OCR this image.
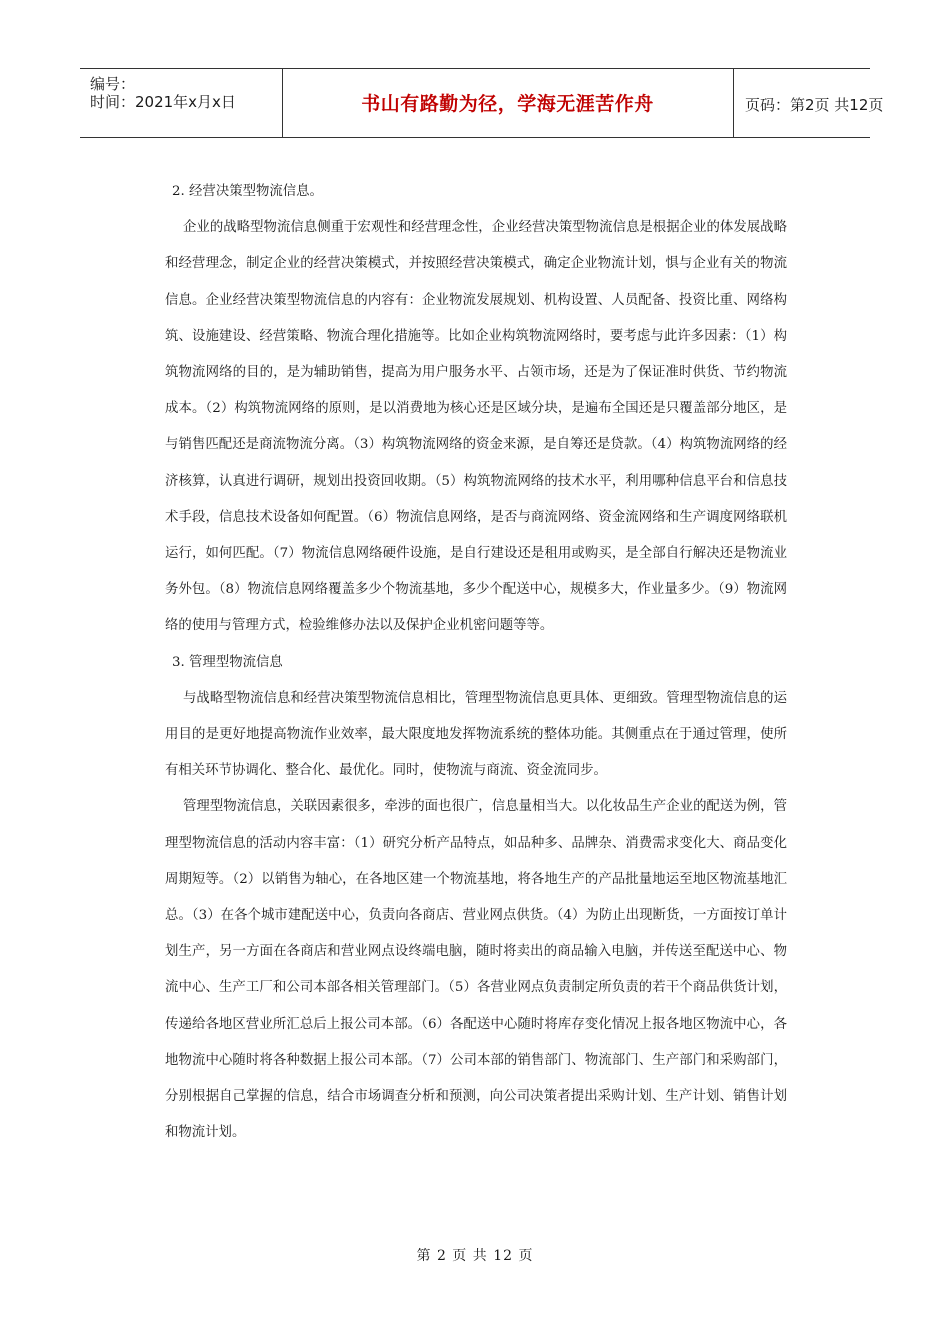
编号：
时间：2021年x月x日	书山有路勤为径，学海无涯苦作舟	页码：第2页 共12页

2. 经营决策型物流信息。

企业的战略型物流信息侧重于宏观性和经营理念性，企业经营决策型物流信息是根据企业的体发展战略和经营理念，制定企业的经营决策模式，并按照经营决策模式，确定企业物流计划，惧与企业有关的物流信息。企业经营决策型物流信息的内容有：企业物流发展规划、机构设置、人员配备、投资比重、网络构筑、设施建设、经营策略、物流合理化措施等。比如企业构筑物流网络时，要考虑与此许多因素：（1）构筑物流网络的目的，是为辅助销售，提高为用户服务水平、占领市场，还是为了保证准时供货、节约物流成本。（2）构筑物流网络的原则，是以消费地为核心还是区域分块，是遍布全国还是只覆盖部分地区，是与销售匹配还是商流物流分离。（3）构筑物流网络的资金来源，是自筹还是贷款。（4）构筑物流网络的经济核算，认真进行调研，规划出投资回收期。（5）构筑物流网络的技术水平，利用哪种信息平台和信息技术手段，信息技术设备如何配置。（6）物流信息网络，是否与商流网络、资金流网络和生产调度网络联机运行，如何匹配。（7）物流信息网络硬件设施，是自行建设还是租用或购买，是全部自行解决还是物流业务外包。（8）物流信息网络覆盖多少个物流基地，多少个配送中心，规模多大，作业量多少。（9）物流网络的使用与管理方式，检验维修办法以及保护企业机密问题等等。

3. 管理型物流信息

与战略型物流信息和经营决策型物流信息相比，管理型物流信息更具体、更细致。管理型物流信息的运用目的是更好地提高物流作业效率，最大限度地发挥物流系统的整体功能。其侧重点在于通过管理，使所有相关环节协调化、整合化、最优化。同时，使物流与商流、资金流同步。

管理型物流信息，关联因素很多，牵涉的面也很广，信息量相当大。以化妆品生产企业的配送为例，管理型物流信息的活动内容丰富：（1）研究分析产品特点，如品种多、品牌杂、消费需求变化大、商品变化周期短等。（2）以销售为轴心，在各地区建一个物流基地，将各地生产的产品批量地运至地区物流基地汇总。（3）在各个城市建配送中心，负责向各商店、营业网点供货。（4）为防止出现断货，一方面按订单计划生产，另一方面在各商店和营业网点设终端电脑，随时将卖出的商品输入电脑，并传送至配送中心、物流中心、生产工厂和公司本部各相关管理部门。（5）各营业网点负责制定所负责的若干个商品供货计划，传递给各地区营业所汇总后上报公司本部。（6）各配送中心随时将库存变化情况上报各地区物流中心，各地物流中心随时将各种数据上报公司本部。（7）公司本部的销售部门、物流部门、生产部门和采购部门，分别根据自己掌握的信息，结合市场调查分析和预测，向公司决策者提出采购计划、生产计划、销售计划和物流计划。

第 2 页 共 12 页
